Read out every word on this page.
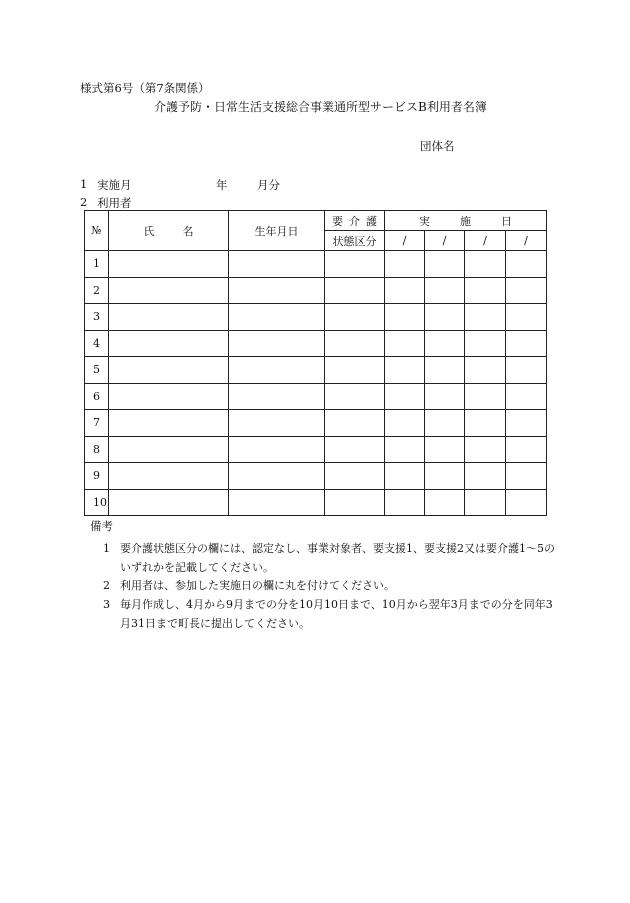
様式第6号（第7条関係）
介護予防・日常生活支援総合事業通所型サービスB利用者名簿
団体名
1 実施月	年	月分
2 利用者
№	氏名	生年月日	要介護	実施日			
			状態区分	/	/	/	/
1							
2							
3							
4							
5							
6							
7							
8							
9							
10							
備考
1 要介護状態区分の欄には、認定なし、事業対象者、要支援1、要支援2又は要介護1～5のいずれかを記載してください。
2 利用者は、参加した実施日の欄に丸を付けてください。
3 毎月作成し、4月から9月までの分を10月10日まで、10月から翌年3月までの分を同年3月31日まで町長に提出してください。
